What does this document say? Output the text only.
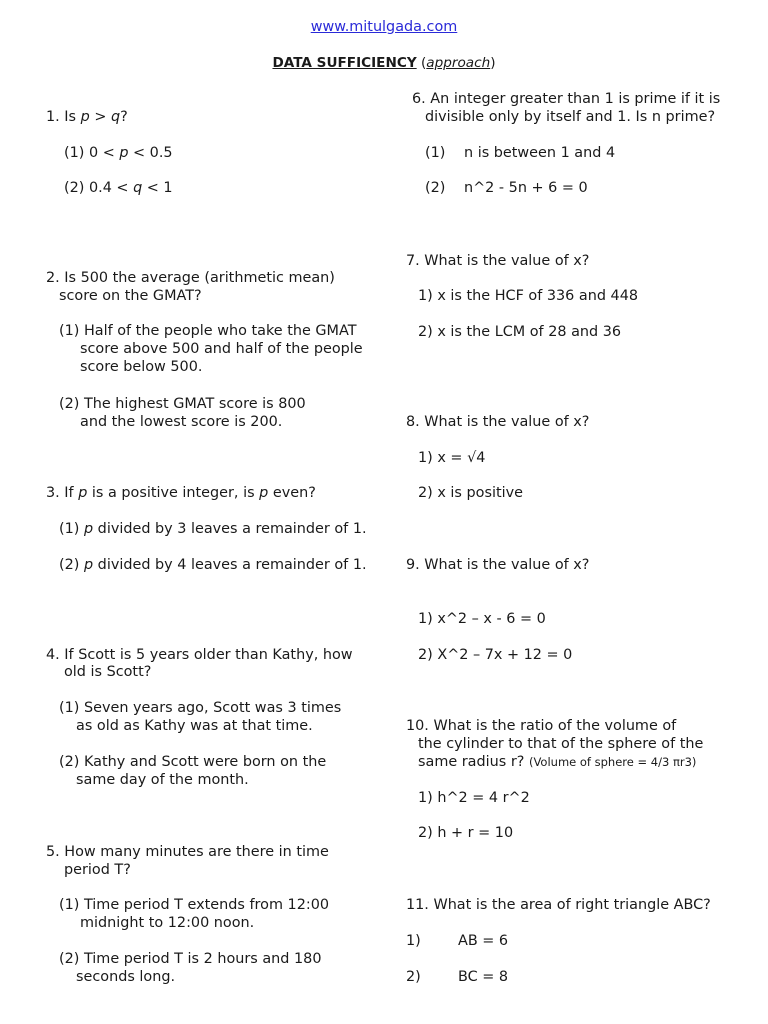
www.mitulgada.com
DATA SUFFICIENCY (approach)
1. Is p > q?
(1) 0 < p < 0.5
(2) 0.4 < q < 1
2. Is 500 the average (arithmetic mean)
score on the GMAT?
(1) Half of the people who take the GMAT
score above 500 and half of the people
score below 500.
(2) The highest GMAT score is 800
and the lowest score is 200.
3. If p is a positive integer, is p even?
(1) p divided by 3 leaves a remainder of 1.
(2) p divided by 4 leaves a remainder of 1.
4. If Scott is 5 years older than Kathy, how
old is Scott?
(1) Seven years ago, Scott was 3 times
as old as Kathy was at that time.
(2) Kathy and Scott were born on the
same day of the month.
5. How many minutes are there in time
period T?
(1) Time period T extends from 12:00
midnight to 12:00 noon.
(2) Time period T is 2 hours and 180
seconds long.
6. An integer greater than 1 is prime if it is
divisible only by itself and 1. Is n prime?
(1) n is between 1 and 4
(2) n^2 - 5n + 6 = 0
7. What is the value of x?
1) x is the HCF of 336 and 448
2) x is the LCM of 28 and 36
8. What is the value of x?
1) x = √4
2) x is positive
9. What is the value of x?
1) x^2 – x - 6 = 0
2) X^2 – 7x + 12 = 0
10. What is the ratio of the volume of
the cylinder to that of the sphere of the
same radius r? (Volume of sphere = 4/3 πr3)
1) h^2 = 4 r^2
2) h + r = 10
11. What is the area of right triangle ABC?
1)	AB = 6
2)	BC = 8
